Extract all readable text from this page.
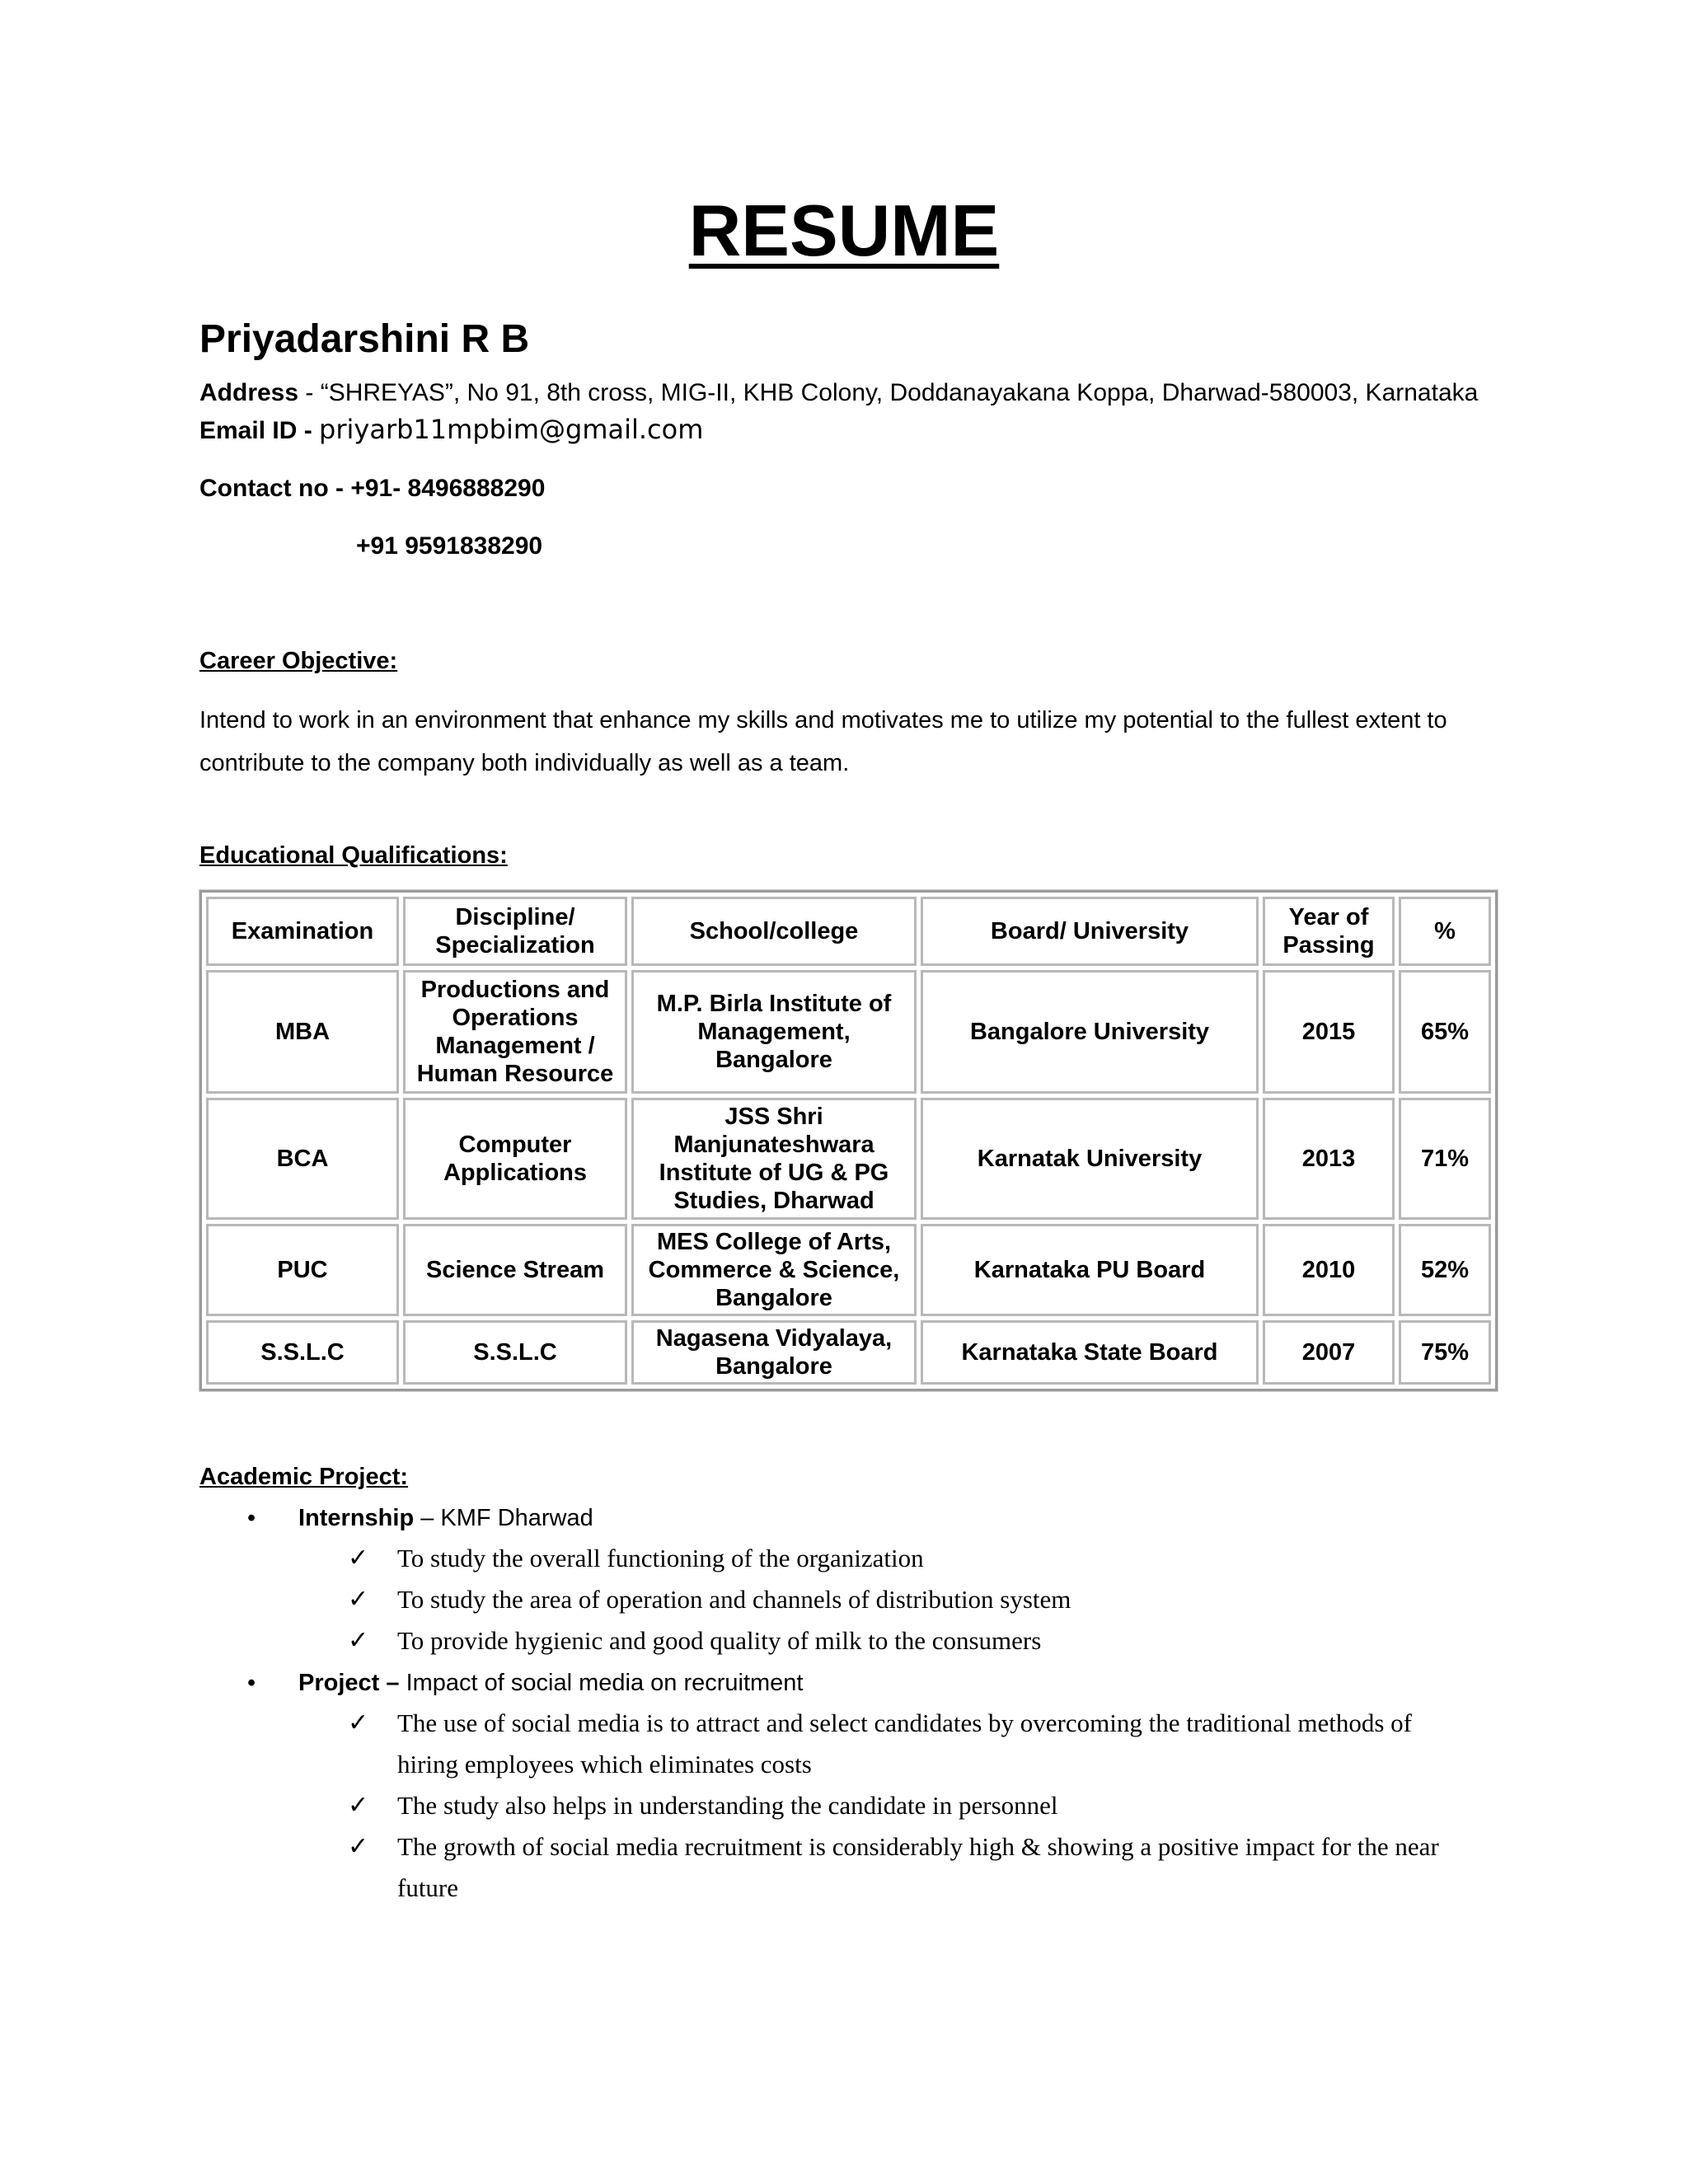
RESUME
Priyadarshini R B
Address - “SHREYAS”, No 91, 8th cross, MIG-II, KHB Colony, Doddanayakana Koppa, Dharwad-580003, Karnataka
Email ID - priyarb11mpbim@gmail.com
Contact no - +91- 8496888290
+91 9591838290
Career Objective:
Intend to work in an environment that enhance my skills and motivates me to utilize my potential to the fullest extent to contribute to the company both individually as well as a team.
Educational Qualifications:
Examination	Discipline/ Specialization	School/college	Board/ University	Year of Passing	%
MBA	Productions and Operations Management / Human Resource	M.P. Birla Institute of Management, Bangalore	Bangalore University	2015	65%
BCA	Computer Applications	JSS Shri Manjunateshwara Institute of UG & PG Studies, Dharwad	Karnatak University	2013	71%
PUC	Science Stream	MES College of Arts, Commerce & Science, Bangalore	Karnataka PU Board	2010	52%
S.S.L.C	S.S.L.C	Nagasena Vidyalaya, Bangalore	Karnataka State Board	2007	75%
Academic Project:
• Internship – KMF Dharwad
✓ To study the overall functioning of the organization
✓ To study the area of operation and channels of distribution system
✓ To provide hygienic and good quality of milk to the consumers
• Project – Impact of social media on recruitment
✓ The use of social media is to attract and select candidates by overcoming the traditional methods of hiring employees which eliminates costs
✓ The study also helps in understanding the candidate in personnel
✓ The growth of social media recruitment is considerably high & showing a positive impact for the near future
